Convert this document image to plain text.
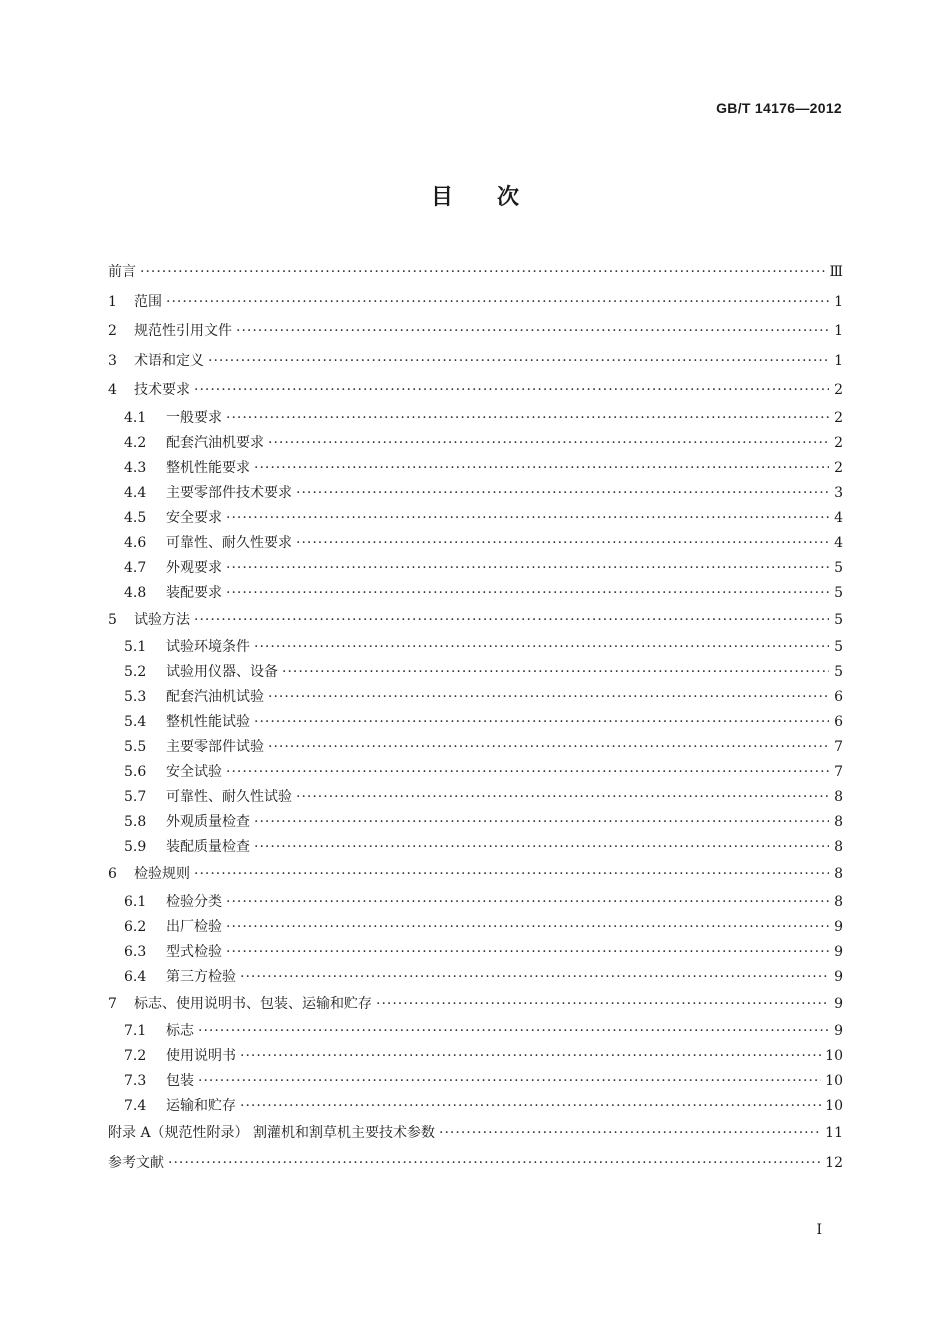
GB/T 14176—2012
目次
前言 ·····	Ⅲ
1	范围 ·····	1
2	规范性引用文件 ·····	1
3	术语和定义 ·····	1
4	技术要求 ·····	2
4.1	一般要求 ·····	2
4.2	配套汽油机要求 ·····	2
4.3	整机性能要求 ·····	2
4.4	主要零部件技术要求 ·····	3
4.5	安全要求 ·····	4
4.6	可靠性、耐久性要求 ·····	4
4.7	外观要求 ·····	5
4.8	装配要求 ·····	5
5	试验方法 ·····	5
5.1	试验环境条件 ·····	5
5.2	试验用仪器、设备 ·····	5
5.3	配套汽油机试验 ·····	6
5.4	整机性能试验 ·····	6
5.5	主要零部件试验 ·····	7
5.6	安全试验 ·····	7
5.7	可靠性、耐久性试验 ·····	8
5.8	外观质量检查 ·····	8
5.9	装配质量检查 ·····	8
6	检验规则 ·····	8
6.1	检验分类 ·····	8
6.2	出厂检验 ·····	9
6.3	型式检验 ·····	9
6.4	第三方检验 ·····	9
7	标志、使用说明书、包装、运输和贮存 ·····	9
7.1	标志 ·····	9
7.2	使用说明书 ·····	10
7.3	包装 ·····	10
7.4	运输和贮存 ·····	10
附录 A（规范性附录） 割灌机和割草机主要技术参数 ·····	11
参考文献 ·····	12
Ⅰ
